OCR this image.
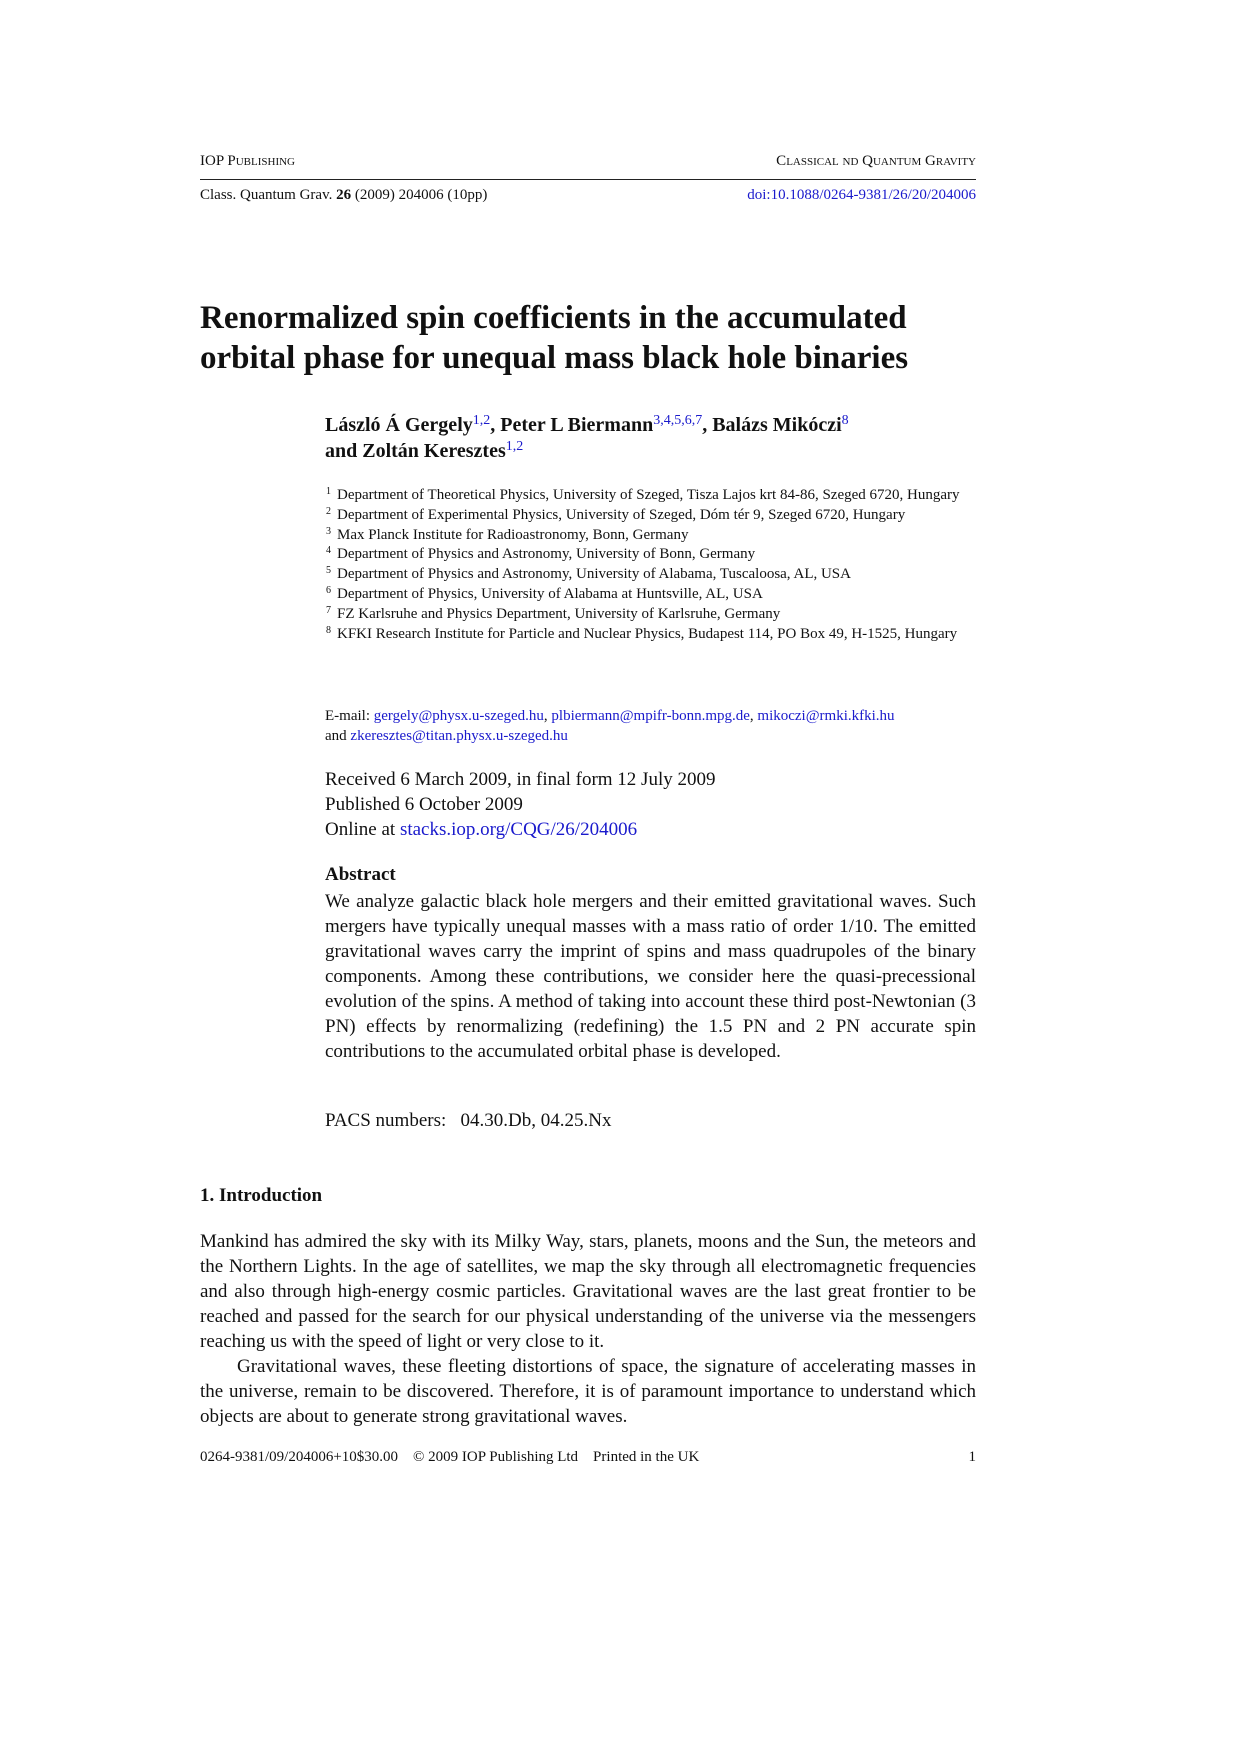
IOP Publishing	Classical nd Quantum Gravity
Class. Quantum Grav. 26 (2009) 204006 (10pp)	doi:10.1088/0264-9381/26/20/204006
Renormalized spin coefficients in the accumulated
orbital phase for unequal mass black hole binaries
László Á Gergely$^{1,2}$, Peter L Biermann$^{3,4,5,6,7}$, Balázs Mikóczi$^8$
and Zoltán Keresztes$^{1,2}$
$^1$ Department of Theoretical Physics, University of Szeged, Tisza Lajos krt 84-86, Szeged 6720, Hungary
$^2$ Department of Experimental Physics, University of Szeged, Dóm tér 9, Szeged 6720, Hungary
$^3$ Max Planck Institute for Radioastronomy, Bonn, Germany
$^4$ Department of Physics and Astronomy, University of Bonn, Germany
$^5$ Department of Physics and Astronomy, University of Alabama, Tuscaloosa, AL, USA
$^6$ Department of Physics, University of Alabama at Huntsville, AL, USA
$^7$ FZ Karlsruhe and Physics Department, University of Karlsruhe, Germany
$^8$ KFKI Research Institute for Particle and Nuclear Physics, Budapest 114, PO Box 49, H-1525, Hungary
E-mail: gergely@physx.u-szeged.hu, plbiermann@mpifr-bonn.mpg.de, mikoczi@rmki.kfki.hu
and zkeresztes@titan.physx.u-szeged.hu
Received 6 March 2009, in final form 12 July 2009
Published 6 October 2009
Online at stacks.iop.org/CQG/26/204006
Abstract
We analyze galactic black hole mergers and their emitted gravitational waves. Such mergers have typically unequal masses with a mass ratio of order 1/10. The emitted gravitational waves carry the imprint of spins and mass quadrupoles of the binary components. Among these contributions, we consider here the quasi-precessional evolution of the spins. A method of taking into account these third post-Newtonian (3 PN) effects by renormalizing (redefining) the 1.5 PN and 2 PN accurate spin contributions to the accumulated orbital phase is developed.
PACS numbers:   04.30.Db, 04.25.Nx
1. Introduction

Mankind has admired the sky with its Milky Way, stars, planets, moons and the Sun, the meteors and the Northern Lights. In the age of satellites, we map the sky through all electromagnetic frequencies and also through high-energy cosmic particles. Gravitational waves are the last great frontier to be reached and passed for the search for our physical understanding of the universe via the messengers reaching us with the speed of light or very close to it.

Gravitational waves, these fleeting distortions of space, the signature of accelerating masses in the universe, remain to be discovered. Therefore, it is of paramount importance to understand which objects are about to generate strong gravitational waves.

0264-9381/09/204006+10$30.00    © 2009 IOP Publishing Ltd    Printed in the UK	1
